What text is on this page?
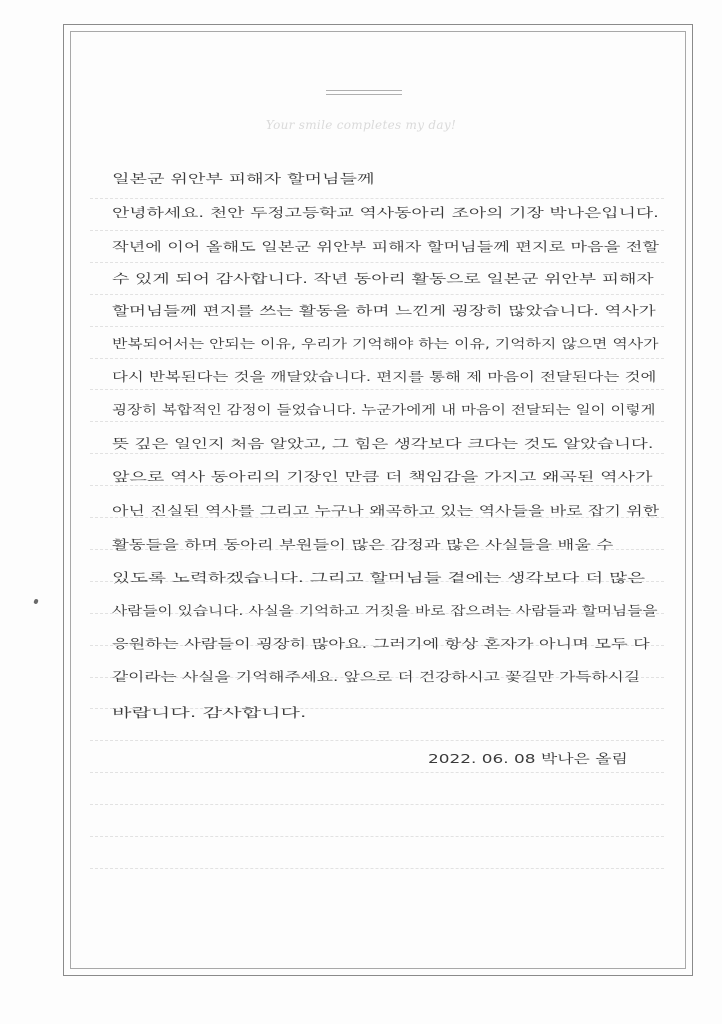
Your smile completes my day!
일본군 위안부 피해자 할머님들께
안녕하세요. 천안 두정고등학교 역사동아리 조아의 기장 박나은입니다.
작년에 이어 올해도 일본군 위안부 피해자 할머님들께 편지로 마음을 전할
수 있게 되어 감사합니다. 작년 동아리 활동으로 일본군 위안부 피해자
할머님들께 편지를 쓰는 활동을 하며 느낀게 굉장히 많았습니다. 역사가
반복되어서는 안되는 이유, 우리가 기억해야 하는 이유, 기억하지 않으면 역사가
다시 반복된다는 것을 깨달았습니다. 편지를 통해 제 마음이 전달된다는 것에
굉장히 복합적인 감정이 들었습니다. 누군가에게 내 마음이 전달되는 일이 이렇게
뜻 깊은 일인지 처음 알았고, 그 힘은 생각보다 크다는 것도 알았습니다.
앞으로 역사 동아리의 기장인 만큼 더 책임감을 가지고 왜곡된 역사가
아닌 진실된 역사를 그리고 누구나 왜곡하고 있는 역사들을 바로 잡기 위한
활동들을 하며 동아리 부원들이 많은 감정과 많은 사실들을 배울 수
있도록 노력하겠습니다. 그리고 할머님들 곁에는 생각보다 더 많은
사람들이 있습니다. 사실을 기억하고 거짓을 바로 잡으려는 사람들과 할머님들을
응원하는 사람들이 굉장히 많아요. 그러기에 항상 혼자가 아니며 모두 다
같이라는 사실을 기억해주세요. 앞으로 더 건강하시고 꽃길만 가득하시길
바랍니다. 감사합니다.
2022. 06. 08 박나은 올림
